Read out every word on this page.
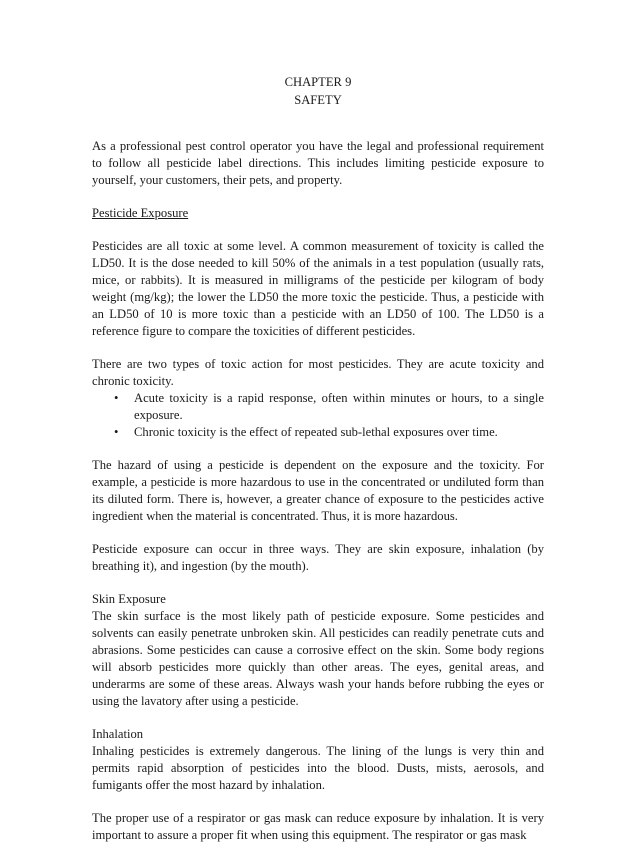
CHAPTER 9
SAFETY

As a professional pest control operator you have the legal and professional requirement to follow all pesticide label directions. This includes limiting pesticide exposure to yourself, your customers, their pets, and property.

Pesticide Exposure

Pesticides are all toxic at some level. A common measurement of toxicity is called the LD50. It is the dose needed to kill 50% of the animals in a test population (usually rats, mice, or rabbits). It is measured in milligrams of the pesticide per kilogram of body weight (mg/kg); the lower the LD50 the more toxic the pesticide. Thus, a pesticide with an LD50 of 10 is more toxic than a pesticide with an LD50 of 100. The LD50 is a reference figure to compare the toxicities of different pesticides.

There are two types of toxic action for most pesticides. They are acute toxicity and chronic toxicity.

• Acute toxicity is a rapid response, often within minutes or hours, to a single exposure.
• Chronic toxicity is the effect of repeated sub-lethal exposures over time.

The hazard of using a pesticide is dependent on the exposure and the toxicity. For example, a pesticide is more hazardous to use in the concentrated or undiluted form than its diluted form. There is, however, a greater chance of exposure to the pesticides active ingredient when the material is concentrated. Thus, it is more hazardous.

Pesticide exposure can occur in three ways. They are skin exposure, inhalation (by breathing it), and ingestion (by the mouth).

Skin Exposure

The skin surface is the most likely path of pesticide exposure. Some pesticides and solvents can easily penetrate unbroken skin. All pesticides can readily penetrate cuts and abrasions. Some pesticides can cause a corrosive effect on the skin. Some body regions will absorb pesticides more quickly than other areas. The eyes, genital areas, and underarms are some of these areas. Always wash your hands before rubbing the eyes or using the lavatory after using a pesticide.

Inhalation

Inhaling pesticides is extremely dangerous. The lining of the lungs is very thin and permits rapid absorption of pesticides into the blood. Dusts, mists, aerosols, and fumigants offer the most hazard by inhalation.

The proper use of a respirator or gas mask can reduce exposure by inhalation. It is very important to assure a proper fit when using this equipment. The respirator or gas mask
